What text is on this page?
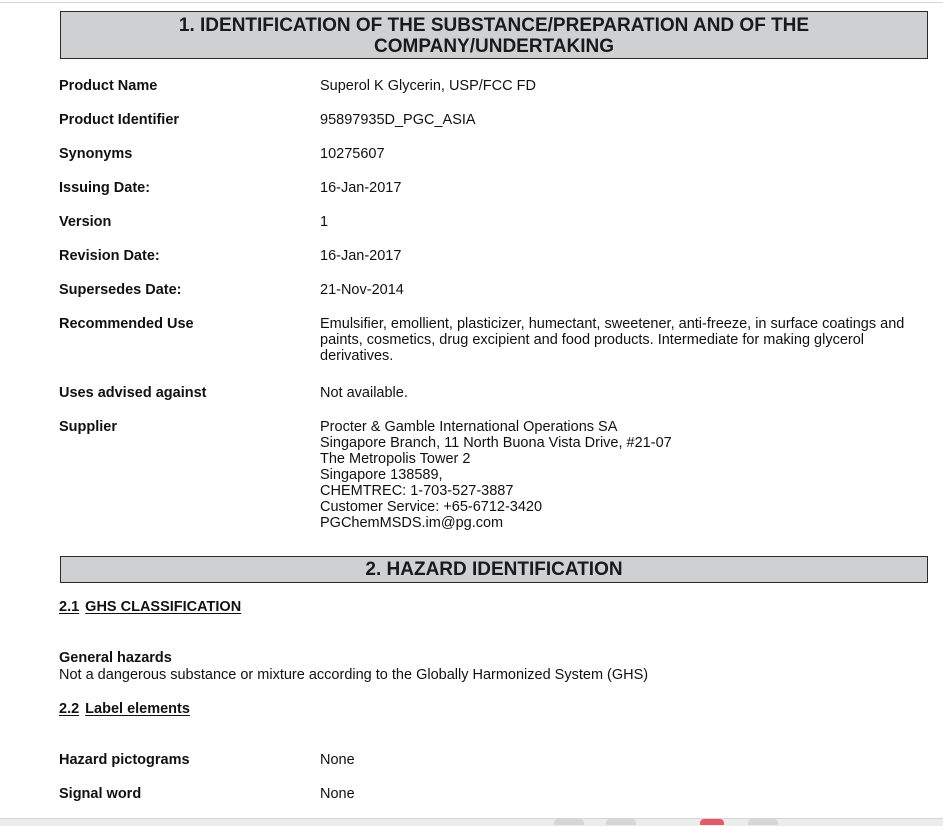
1. IDENTIFICATION OF THE SUBSTANCE/PREPARATION AND OF THE COMPANY/UNDERTAKING
Product Name	Superol K Glycerin, USP/FCC FD
Product Identifier	95897935D_PGC_ASIA
Synonyms	10275607
Issuing Date:	16-Jan-2017
Version	1
Revision Date:	16-Jan-2017
Supersedes Date:	21-Nov-2014
Recommended Use	Emulsifier, emollient, plasticizer, humectant, sweetener, anti-freeze, in surface coatings and paints, cosmetics, drug excipient and food products. Intermediate for making glycerol derivatives.
Uses advised against	Not available.
Supplier	Procter & Gamble International Operations SA
Singapore Branch, 11 North Buona Vista Drive, #21-07
The Metropolis Tower 2
Singapore 138589,
CHEMTREC: 1-703-527-3887
Customer Service: +65-6712-3420
PGChemMSDS.im@pg.com
2. HAZARD IDENTIFICATION
2.1 GHS CLASSIFICATION
General hazards
Not a dangerous substance or mixture according to the Globally Harmonized System (GHS)
2.2 Label elements
Hazard pictograms	None
Signal word	None
